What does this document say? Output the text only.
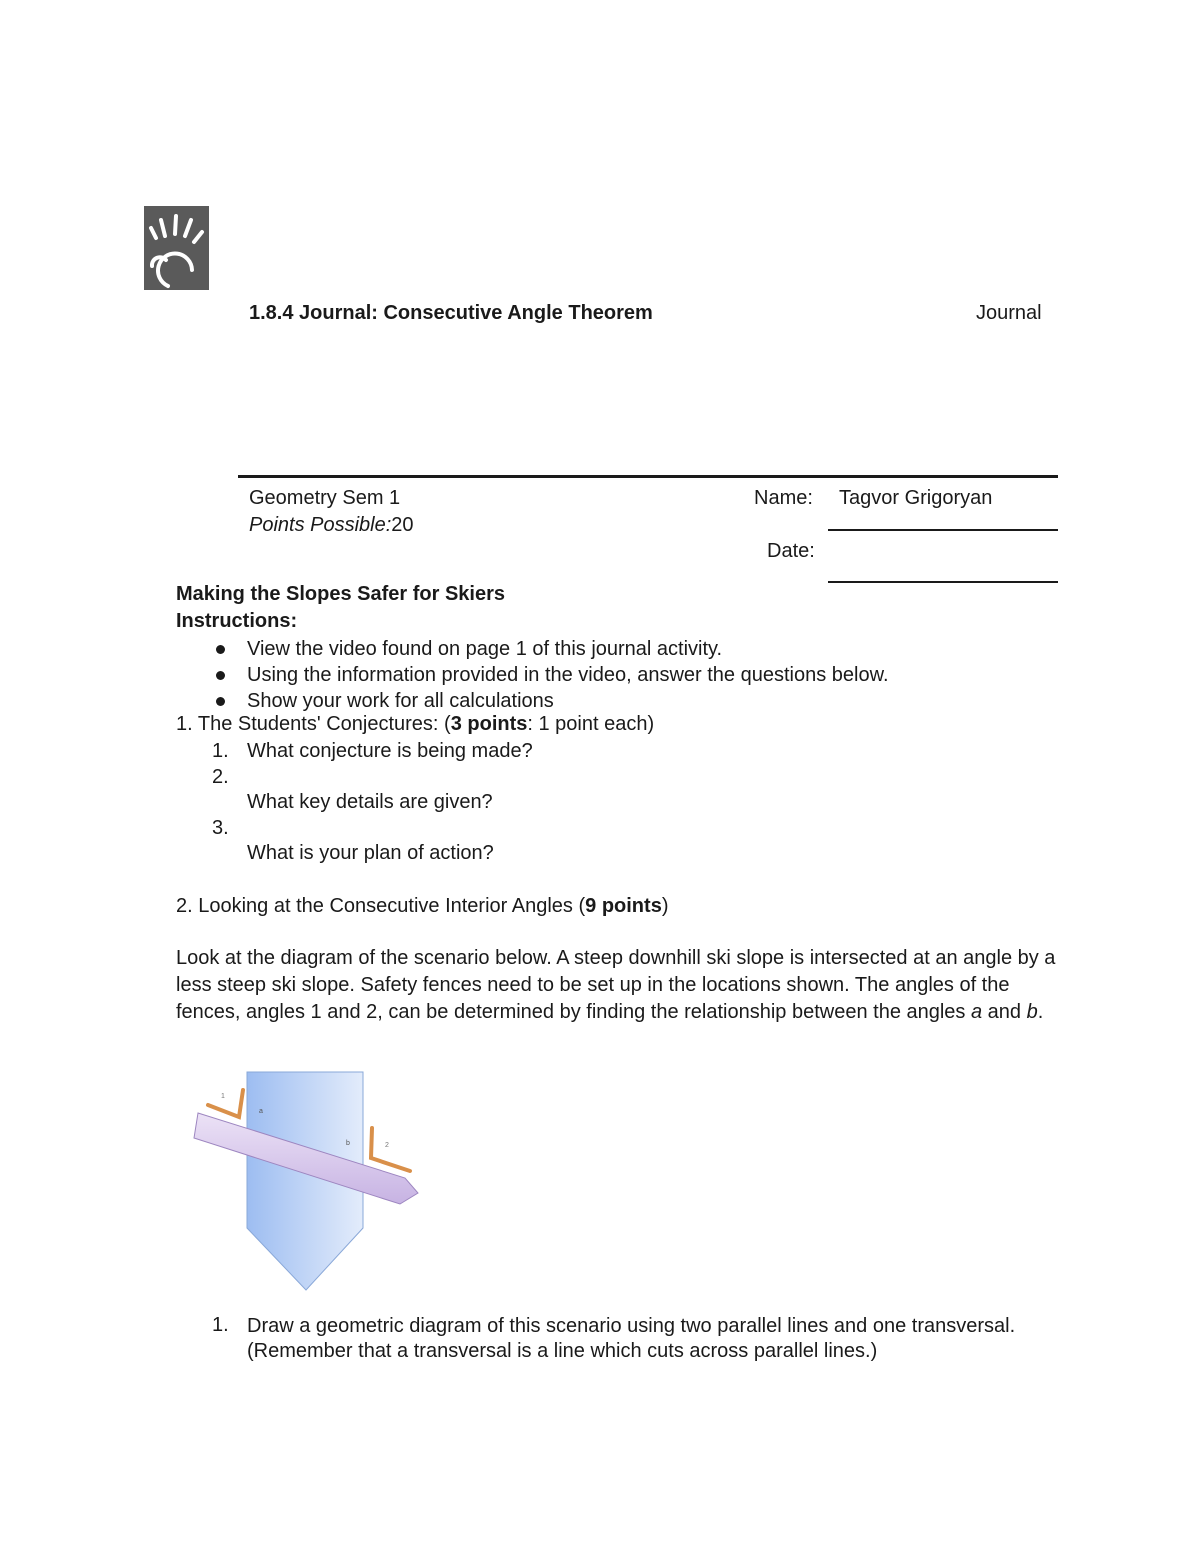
1.8.4 Journal: Consecutive Angle Theorem	Journal
Geometry Sem 1
Points Possible:20
Name: Tagvor Grigoryan
Date:
Making the Slopes Safer for Skiers
Instructions:
View the video found on page 1 of this journal activity.
Using the information provided in the video, answer the questions below.
Show your work for all calculations
1. The Students' Conjectures: (3 points: 1 point each)
1. What conjecture is being made?
2.
What key details are given?
3.
What is your plan of action?
2. Looking at the Consecutive Interior Angles (9 points)
Look at the diagram of the scenario below. A steep downhill ski slope is intersected at an angle by a less steep ski slope. Safety fences need to be set up in the locations shown. The angles of the fences, angles 1 and 2, can be determined by finding the relationship between the angles a and b.
1
a
b	2
1. Draw a geometric diagram of this scenario using two parallel lines and one transversal. (Remember that a transversal is a line which cuts across parallel lines.)
